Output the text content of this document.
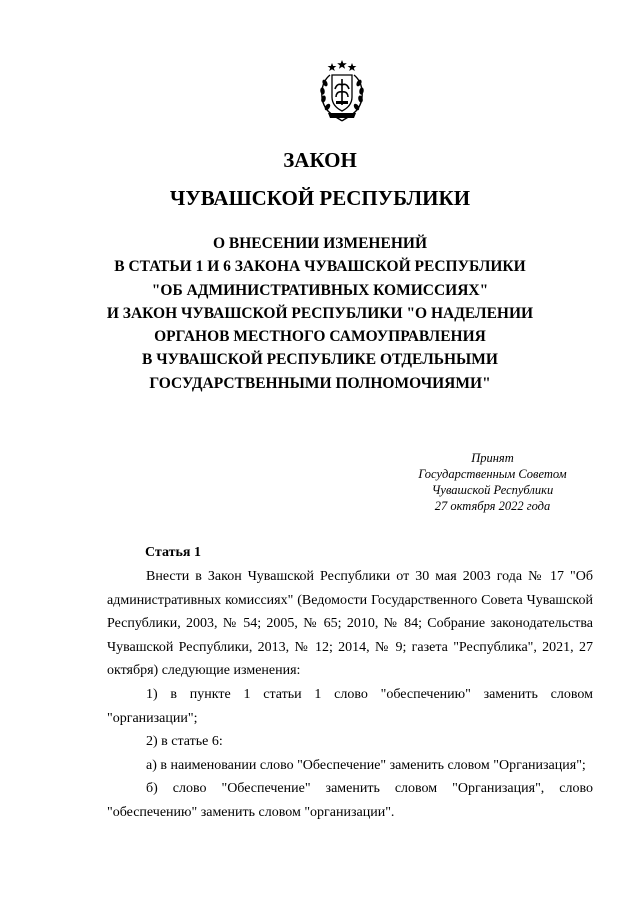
ЗАКОН
ЧУВАШСКОЙ РЕСПУБЛИКИ
О ВНЕСЕНИИ ИЗМЕНЕНИЙ
В СТАТЬИ 1 И 6 ЗАКОНА ЧУВАШСКОЙ РЕСПУБЛИКИ
"ОБ АДМИНИСТРАТИВНЫХ КОМИССИЯХ"
И ЗАКОН ЧУВАШСКОЙ РЕСПУБЛИКИ "О НАДЕЛЕНИИ
ОРГАНОВ МЕСТНОГО САМОУПРАВЛЕНИЯ
В ЧУВАШСКОЙ РЕСПУБЛИКЕ ОТДЕЛЬНЫМИ
ГОСУДАРСТВЕННЫМИ ПОЛНОМОЧИЯМИ"
Принят
Государственным Советом
Чувашской Республики
27 октября 2022 года
Статья 1

Внести в Закон Чувашской Республики от 30 мая 2003 года № 17 "Об административных комиссиях" (Ведомости Государственного Совета Чувашской Республики, 2003, № 54; 2005, № 65; 2010, № 84; Собрание законодательства Чувашской Республики, 2013, № 12; 2014, № 9; газета "Республика", 2021, 27 октября) следующие изменения:

1) в пункте 1 статьи 1 слово "обеспечению" заменить словом "организации";

2) в статье 6:

а) в наименовании слово "Обеспечение" заменить словом "Организация";

б) слово "Обеспечение" заменить словом "Организация", слово "обеспечению" заменить словом "организации".
